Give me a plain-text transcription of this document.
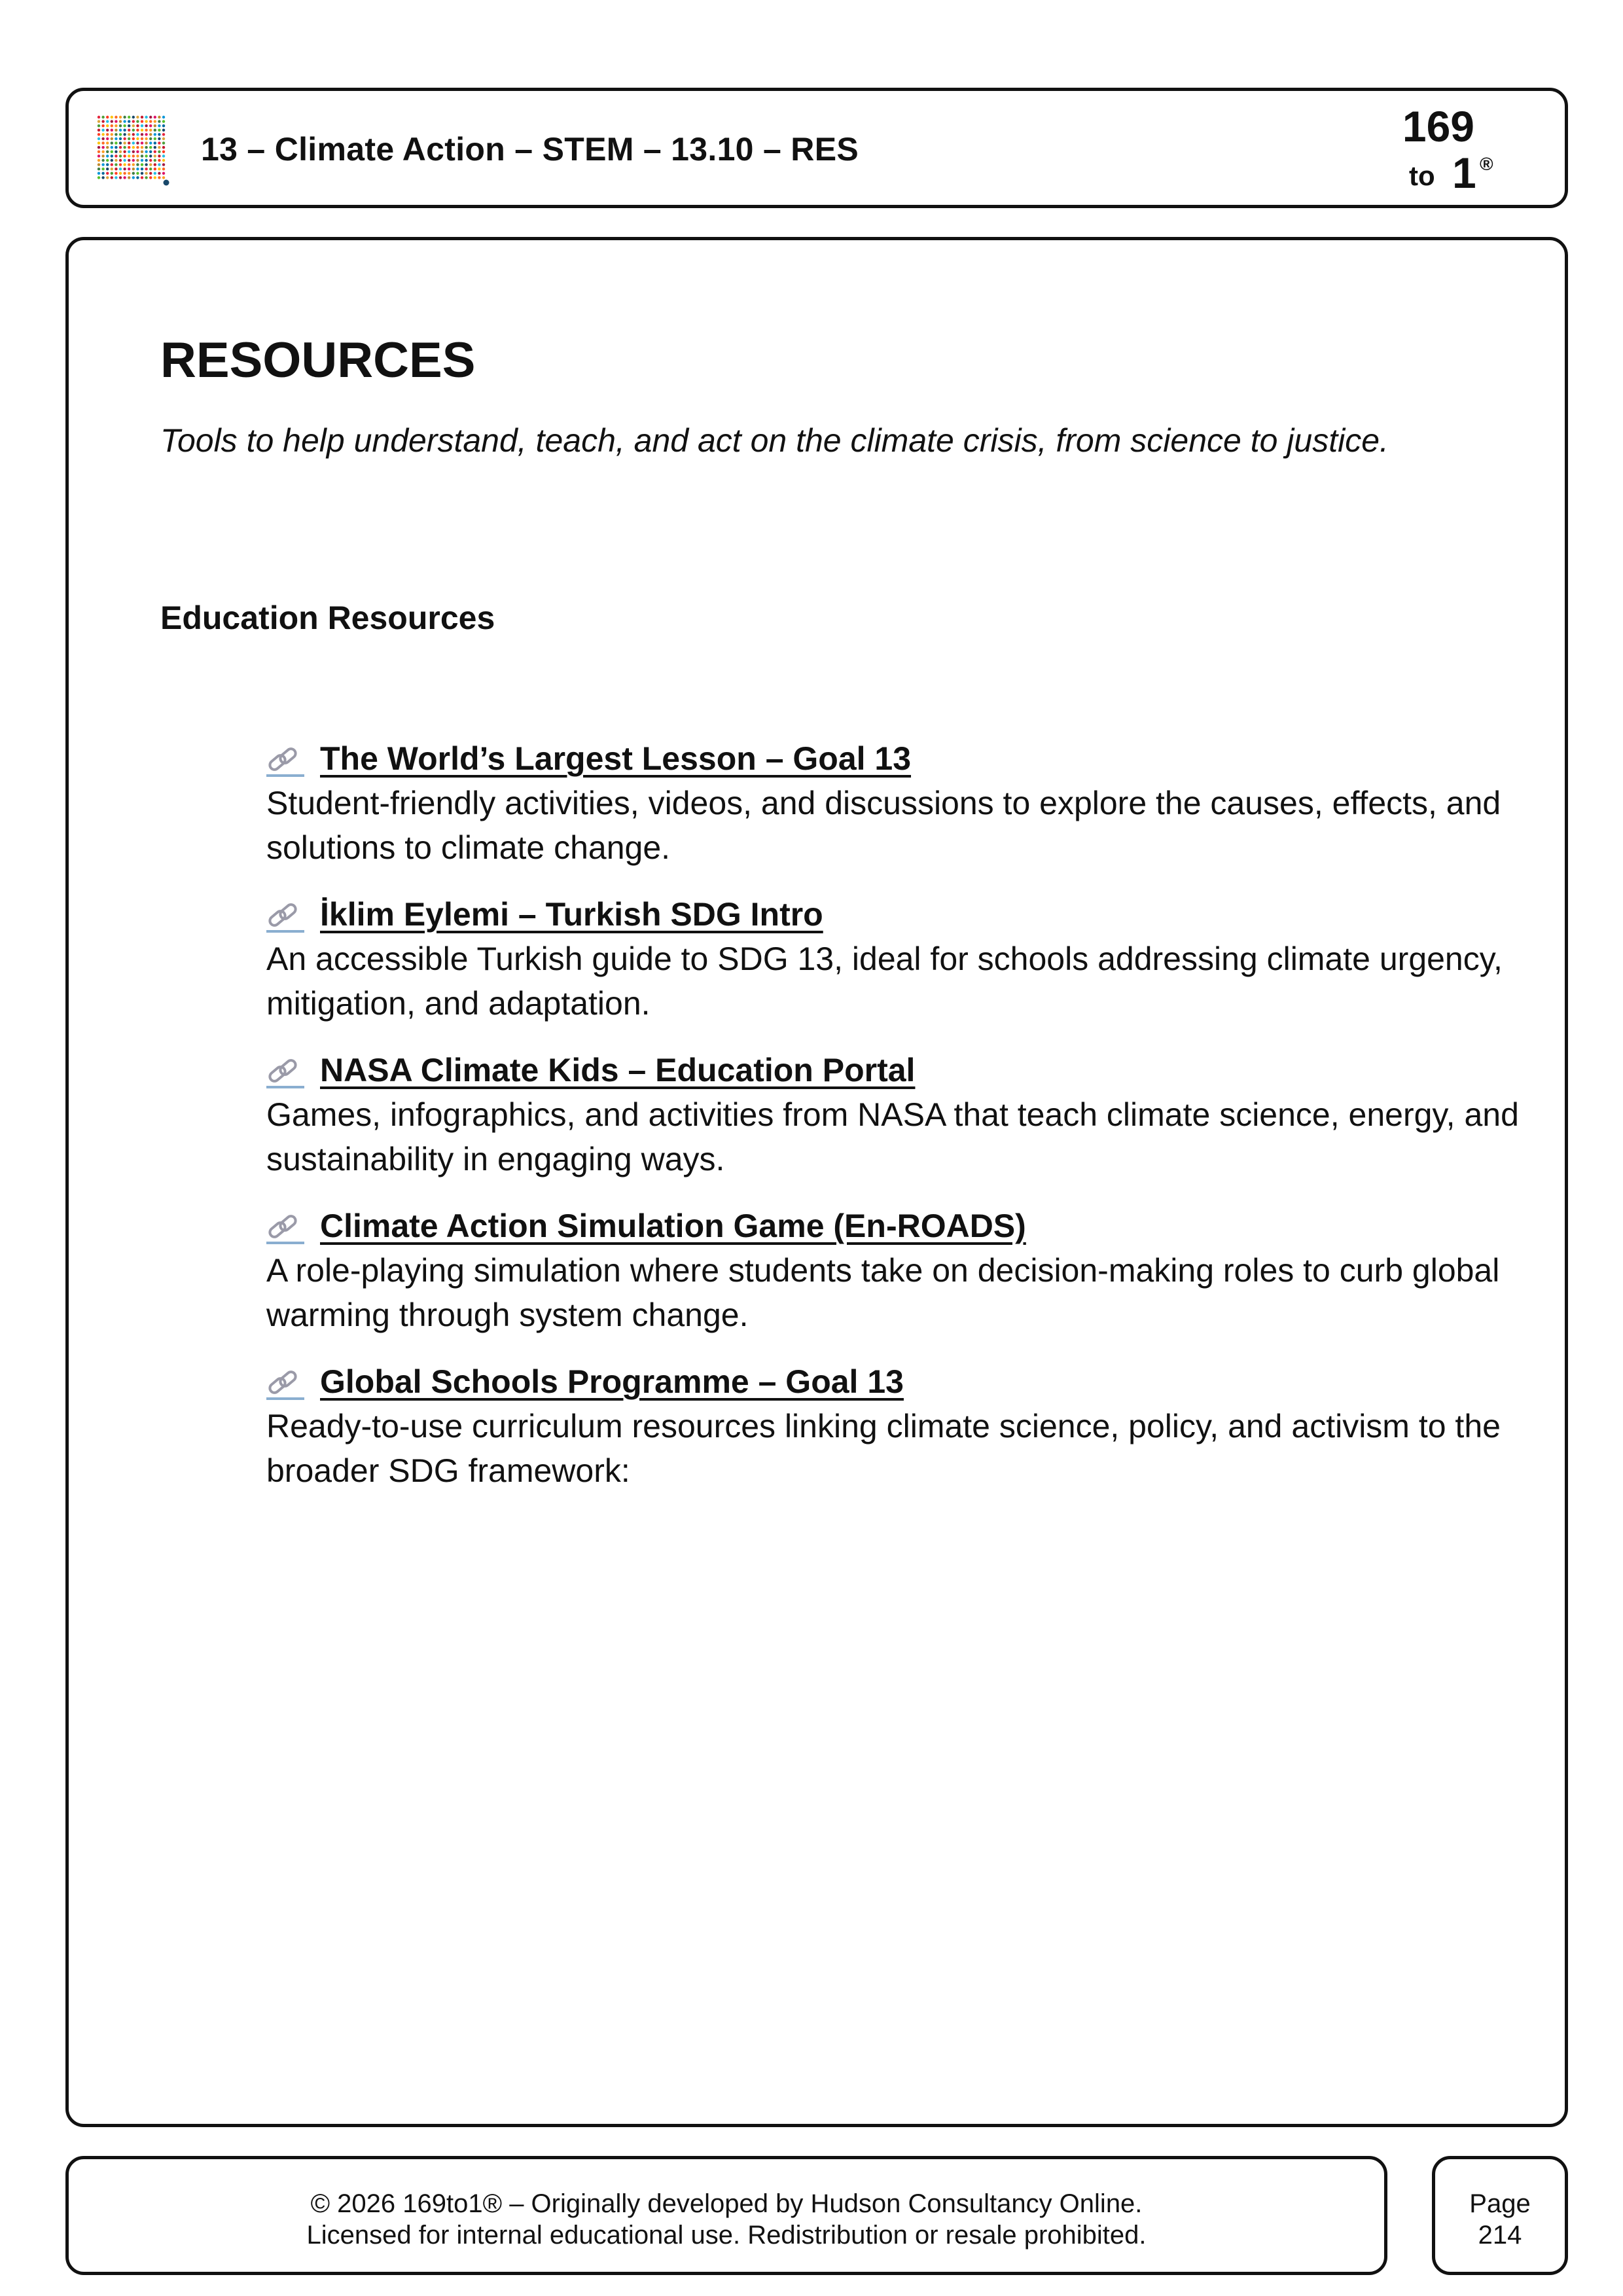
13 – Climate Action – STEM – 13.10 – RES	169
to 1 ®
RESOURCES

Tools to help understand, teach, and act on the climate crisis, from science to justice.

Education Resources
The World’s Largest Lesson – Goal 13

Student-friendly activities, videos, and discussions to explore the causes, effects, and solutions to climate change.

İklim Eylemi – Turkish SDG Intro

An accessible Turkish guide to SDG 13, ideal for schools addressing climate urgency, mitigation, and adaptation.

NASA Climate Kids – Education Portal

Games, infographics, and activities from NASA that teach climate science, energy, and sustainability in engaging ways.

Climate Action Simulation Game (En-ROADS)

A role-playing simulation where students take on decision-making roles to curb global warming through system change.

Global Schools Programme – Goal 13

Ready-to-use curriculum resources linking climate science, policy, and activism to the broader SDG framework:

© 2026 169to1® – Originally developed by Hudson Consultancy Online.
Licensed for internal educational use. Redistribution or resale prohibited.
Page
214
